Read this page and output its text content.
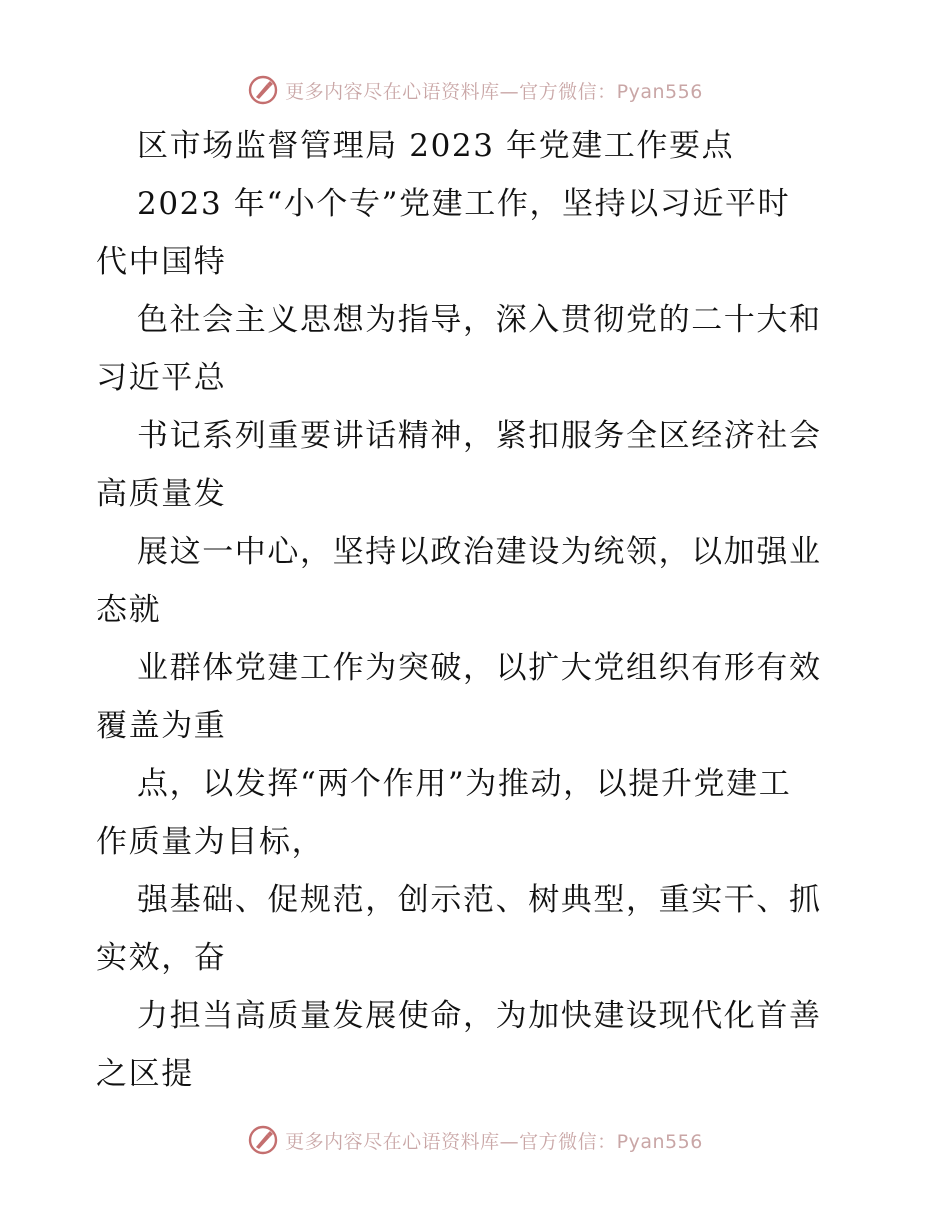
更多内容尽在心语资料库—官方微信：Pyan556
区市场监督管理局 2023 年党建工作要点
2023 年“小个专”党建工作，坚持以习近平时
代中国特
色社会主义思想为指导，深入贯彻党的二十大和
习近平总
书记系列重要讲话精神，紧扣服务全区经济社会
高质量发
展这一中心，坚持以政治建设为统领，以加强业
态就
业群体党建工作为突破，以扩大党组织有形有效
覆盖为重
点，以发挥“两个作用”为推动，以提升党建工
作质量为目标，
强基础、促规范，创示范、树典型，重实干、抓
实效，奋
力担当高质量发展使命，为加快建设现代化首善
之区提
更多内容尽在心语资料库—官方微信：Pyan556
